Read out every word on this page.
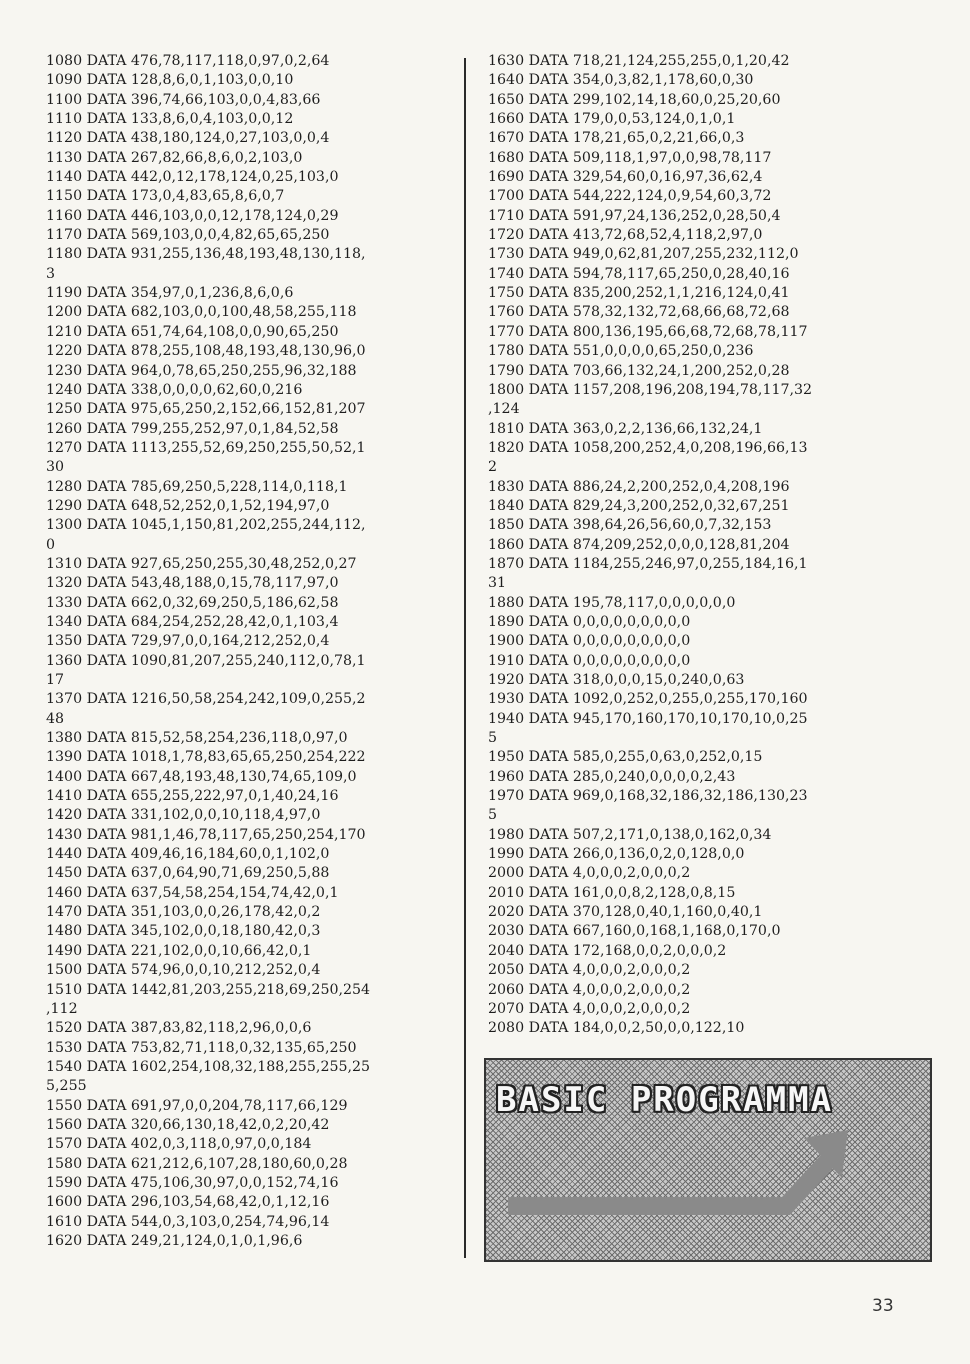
1080 DATA 476,78,117,118,0,97,0,2,64
1090 DATA 128,8,6,0,1,103,0,0,10
1100 DATA 396,74,66,103,0,0,4,83,66
1110 DATA 133,8,6,0,4,103,0,0,12
1120 DATA 438,180,124,0,27,103,0,0,4
1130 DATA 267,82,66,8,6,0,2,103,0
1140 DATA 442,0,12,178,124,0,25,103,0
1150 DATA 173,0,4,83,65,8,6,0,7
1160 DATA 446,103,0,0,12,178,124,0,29
1170 DATA 569,103,0,0,4,82,65,65,250
1180 DATA 931,255,136,48,193,48,130,118,
3
1190 DATA 354,97,0,1,236,8,6,0,6
1200 DATA 682,103,0,0,100,48,58,255,118
1210 DATA 651,74,64,108,0,0,90,65,250
1220 DATA 878,255,108,48,193,48,130,96,0
1230 DATA 964,0,78,65,250,255,96,32,188
1240 DATA 338,0,0,0,0,62,60,0,216
1250 DATA 975,65,250,2,152,66,152,81,207
1260 DATA 799,255,252,97,0,1,84,52,58
1270 DATA 1113,255,52,69,250,255,50,52,1
30
1280 DATA 785,69,250,5,228,114,0,118,1
1290 DATA 648,52,252,0,1,52,194,97,0
1300 DATA 1045,1,150,81,202,255,244,112,
0
1310 DATA 927,65,250,255,30,48,252,0,27
1320 DATA 543,48,188,0,15,78,117,97,0
1330 DATA 662,0,32,69,250,5,186,62,58
1340 DATA 684,254,252,28,42,0,1,103,4
1350 DATA 729,97,0,0,164,212,252,0,4
1360 DATA 1090,81,207,255,240,112,0,78,1
17
1370 DATA 1216,50,58,254,242,109,0,255,2
48
1380 DATA 815,52,58,254,236,118,0,97,0
1390 DATA 1018,1,78,83,65,65,250,254,222
1400 DATA 667,48,193,48,130,74,65,109,0
1410 DATA 655,255,222,97,0,1,40,24,16
1420 DATA 331,102,0,0,10,118,4,97,0
1430 DATA 981,1,46,78,117,65,250,254,170
1440 DATA 409,46,16,184,60,0,1,102,0
1450 DATA 637,0,64,90,71,69,250,5,88
1460 DATA 637,54,58,254,154,74,42,0,1
1470 DATA 351,103,0,0,26,178,42,0,2
1480 DATA 345,102,0,0,18,180,42,0,3
1490 DATA 221,102,0,0,10,66,42,0,1
1500 DATA 574,96,0,0,10,212,252,0,4
1510 DATA 1442,81,203,255,218,69,250,254
,112
1520 DATA 387,83,82,118,2,96,0,0,6
1530 DATA 753,82,71,118,0,32,135,65,250
1540 DATA 1602,254,108,32,188,255,255,25
5,255
1550 DATA 691,97,0,0,204,78,117,66,129
1560 DATA 320,66,130,18,42,0,2,20,42
1570 DATA 402,0,3,118,0,97,0,0,184
1580 DATA 621,212,6,107,28,180,60,0,28
1590 DATA 475,106,30,97,0,0,152,74,16
1600 DATA 296,103,54,68,42,0,1,12,16
1610 DATA 544,0,3,103,0,254,74,96,14
1620 DATA 249,21,124,0,1,0,1,96,6
1630 DATA 718,21,124,255,255,0,1,20,42
1640 DATA 354,0,3,82,1,178,60,0,30
1650 DATA 299,102,14,18,60,0,25,20,60
1660 DATA 179,0,0,53,124,0,1,0,1
1670 DATA 178,21,65,0,2,21,66,0,3
1680 DATA 509,118,1,97,0,0,98,78,117
1690 DATA 329,54,60,0,16,97,36,62,4
1700 DATA 544,222,124,0,9,54,60,3,72
1710 DATA 591,97,24,136,252,0,28,50,4
1720 DATA 413,72,68,52,4,118,2,97,0
1730 DATA 949,0,62,81,207,255,232,112,0
1740 DATA 594,78,117,65,250,0,28,40,16
1750 DATA 835,200,252,1,1,216,124,0,41
1760 DATA 578,32,132,72,68,66,68,72,68
1770 DATA 800,136,195,66,68,72,68,78,117
1780 DATA 551,0,0,0,0,65,250,0,236
1790 DATA 703,66,132,24,1,200,252,0,28
1800 DATA 1157,208,196,208,194,78,117,32
,124
1810 DATA 363,0,2,2,136,66,132,24,1
1820 DATA 1058,200,252,4,0,208,196,66,13
2
1830 DATA 886,24,2,200,252,0,4,208,196
1840 DATA 829,24,3,200,252,0,32,67,251
1850 DATA 398,64,26,56,60,0,7,32,153
1860 DATA 874,209,252,0,0,0,128,81,204
1870 DATA 1184,255,246,97,0,255,184,16,1
31
1880 DATA 195,78,117,0,0,0,0,0,0
1890 DATA 0,0,0,0,0,0,0,0,0
1900 DATA 0,0,0,0,0,0,0,0,0
1910 DATA 0,0,0,0,0,0,0,0,0
1920 DATA 318,0,0,0,15,0,240,0,63
1930 DATA 1092,0,252,0,255,0,255,170,160
1940 DATA 945,170,160,170,10,170,10,0,25
5
1950 DATA 585,0,255,0,63,0,252,0,15
1960 DATA 285,0,240,0,0,0,0,2,43
1970 DATA 969,0,168,32,186,32,186,130,23
5
1980 DATA 507,2,171,0,138,0,162,0,34
1990 DATA 266,0,136,0,2,0,128,0,0
2000 DATA 4,0,0,0,2,0,0,0,2
2010 DATA 161,0,0,8,2,128,0,8,15
2020 DATA 370,128,0,40,1,160,0,40,1
2030 DATA 667,160,0,168,1,168,0,170,0
2040 DATA 172,168,0,0,2,0,0,0,2
2050 DATA 4,0,0,0,2,0,0,0,2
2060 DATA 4,0,0,0,2,0,0,0,2
2070 DATA 4,0,0,0,2,0,0,0,2
2080 DATA 184,0,0,2,50,0,0,122,10
BASIC PROGRAMMA
33
